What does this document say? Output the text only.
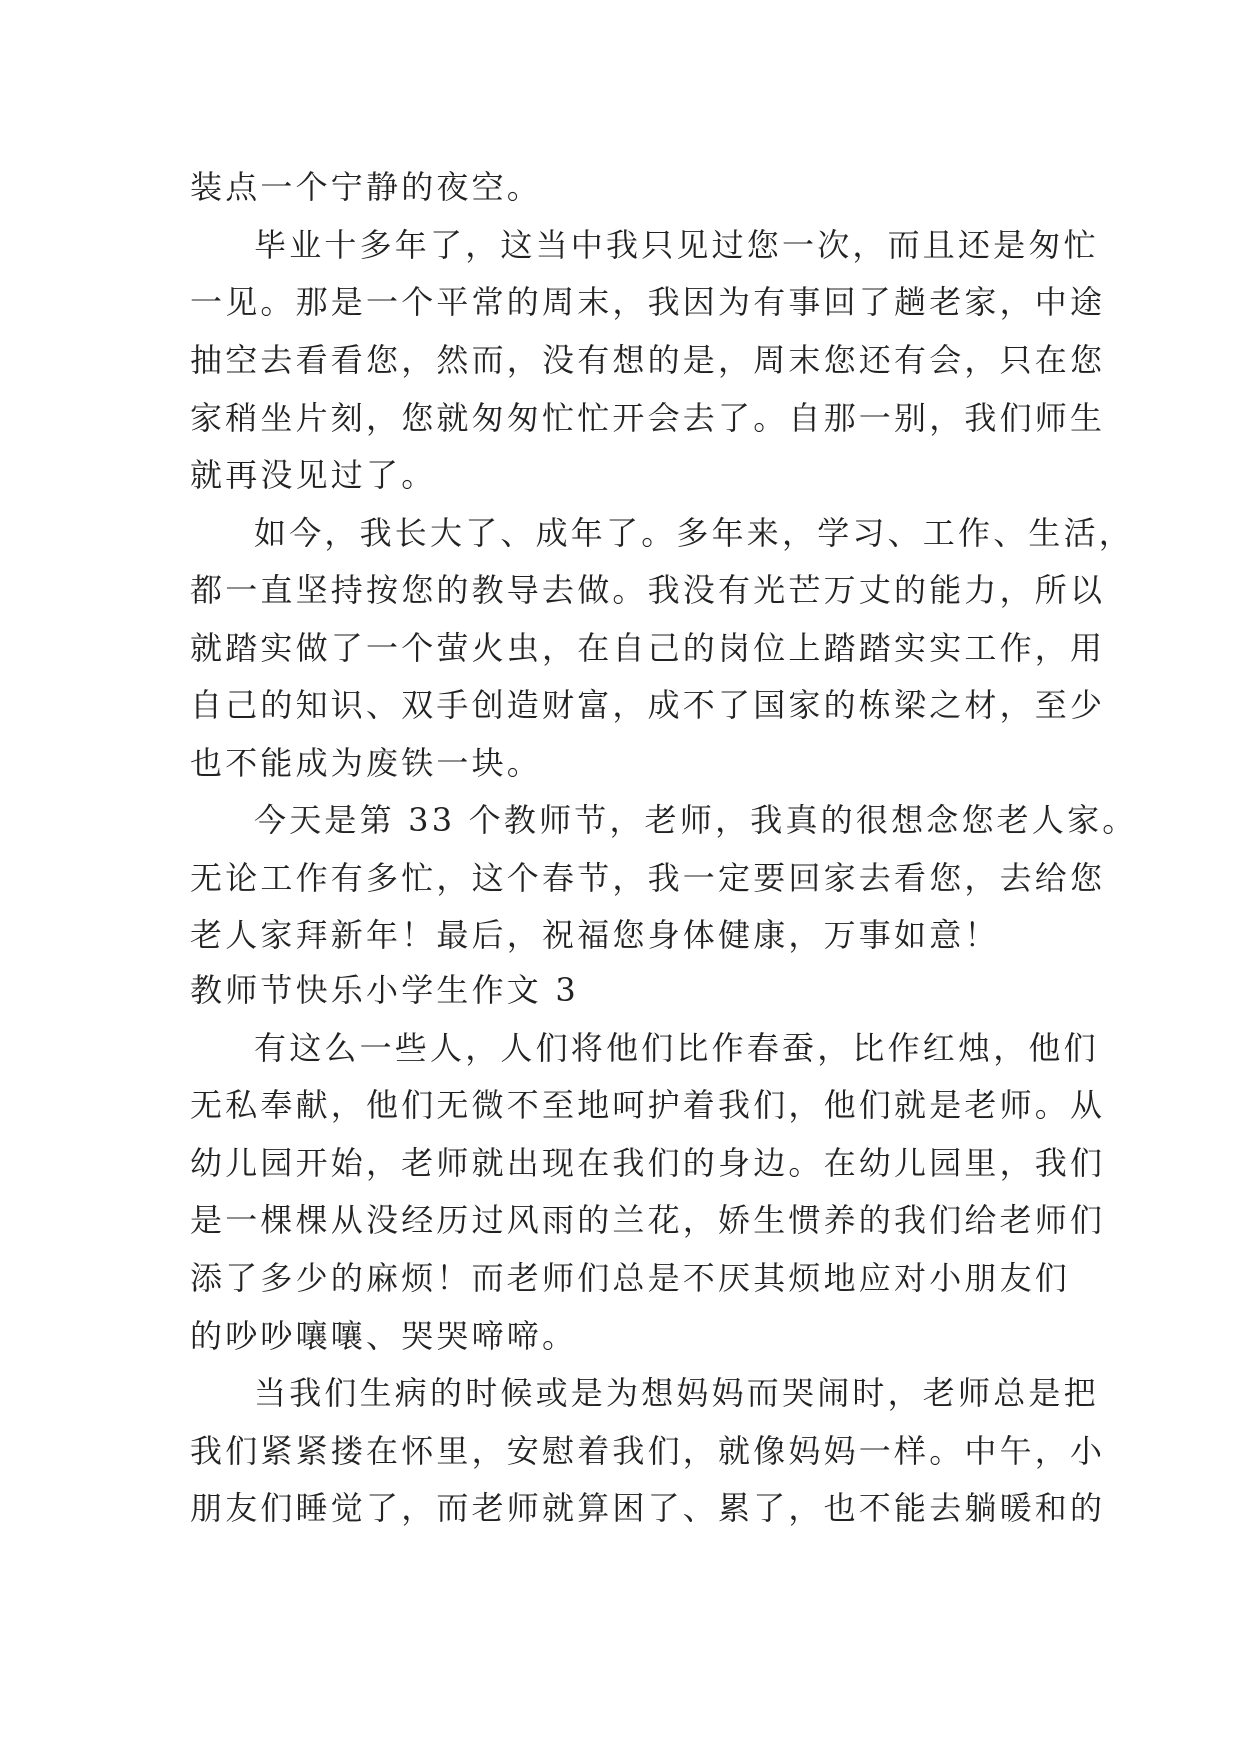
装点一个宁静的夜空。
毕业十多年了，这当中我只见过您一次，而且还是匆忙
一见。那是一个平常的周末，我因为有事回了趟老家，中途
抽空去看看您，然而，没有想的是，周末您还有会，只在您
家稍坐片刻，您就匆匆忙忙开会去了。自那一别，我们师生
就再没见过了。
如今，我长大了、成年了。多年来，学习、工作、生活，
都一直坚持按您的教导去做。我没有光芒万丈的能力，所以
就踏实做了一个萤火虫，在自己的岗位上踏踏实实工作，用
自己的知识、双手创造财富，成不了国家的栋梁之材，至少
也不能成为废铁一块。
今天是第 33 个教师节，老师，我真的很想念您老人家。
无论工作有多忙，这个春节，我一定要回家去看您，去给您
老人家拜新年！最后，祝福您身体健康，万事如意！
教师节快乐小学生作文 3
有这么一些人，人们将他们比作春蚕，比作红烛，他们
无私奉献，他们无微不至地呵护着我们，他们就是老师。从
幼儿园开始，老师就出现在我们的身边。在幼儿园里，我们
是一棵棵从没经历过风雨的兰花，娇生惯养的我们给老师们
添了多少的麻烦！而老师们总是不厌其烦地应对小朋友们
的吵吵嚷嚷、哭哭啼啼。
当我们生病的时候或是为想妈妈而哭闹时，老师总是把
我们紧紧搂在怀里，安慰着我们，就像妈妈一样。中午，小
朋友们睡觉了，而老师就算困了、累了，也不能去躺暖和的
